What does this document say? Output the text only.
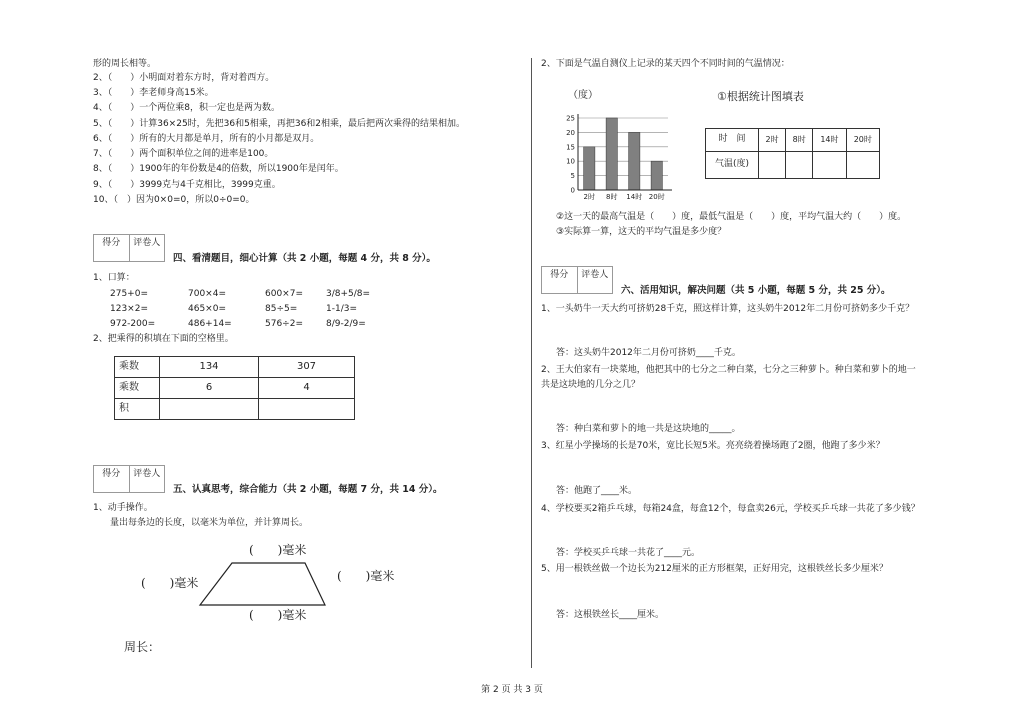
形的周长相等。
2、（　　）小明面对着东方时，背对着西方。
3、（　　）李老师身高15米。
4、（　　）一个两位乘8，积一定也是两为数。
5、（　　）计算36×25时，先把36和5相乘，再把36和2相乘，最后把两次乘得的结果相加。
6、（　　）所有的大月都是单月，所有的小月都是双月。
7、（　　）两个面积单位之间的进率是100。
8、（　　）1900年的年份数是4的倍数，所以1900年是闰年。
9、（　　）3999克与4千克相比，3999克重。
10、（　）因为0×0=0，所以0÷0=0。
得分	评卷人
四、看清题目，细心计算（共 2 小题，每题 4 分，共 8 分）。
1、口算：
275+0=	700×4=	600×7=	3/8+5/8=
123×2=	465×0=	85÷5=	1-1/3=
972-200=	486+14=	576÷2=	8/9-2/9=
2、把乘得的积填在下面的空格里。
乘数	134	307
乘数	6	4
积		
得分	评卷人
五、认真思考，综合能力（共 2 小题，每题 7 分，共 14 分）。
1、动手操作。
量出每条边的长度，以毫米为单位，并计算周长。
(　　)毫米
(　　)毫米	(　　)毫米
(　　)毫米
周长：
2、下面是气温自测仪上记录的某天四个不同时间的气温情况：
（度）	①根据统计图填表
0
5
10
15
20
25
2时 8时 14时 20时
时　间	2时	8时	14时	20时
气温(度)				
②这一天的最高气温是（　　）度，最低气温是（　　）度，平均气温大约（　　）度。
③实际算一算，这天的平均气温是多少度？
得分	评卷人
六、活用知识，解决问题（共 5 小题，每题 5 分，共 25 分）。
1、一头奶牛一天大约可挤奶28千克，照这样计算，这头奶牛2012年二月份可挤奶多少千克？
答：这头奶牛2012年二月份可挤奶____千克。
2、王大伯家有一块菜地，他把其中的七分之二种白菜，七分之三种萝卜。种白菜和萝卜的地一
共是这块地的几分之几？
答：种白菜和萝卜的地一共是这块地的_____。
3、红星小学操场的长是70米，宽比长短5米。亮亮绕着操场跑了2圈，他跑了多少米？
答：他跑了____米。
4、学校要买2箱乒乓球，每箱24盒，每盒12个，每盒卖26元，学校买乒乓球一共花了多少钱？
答：学校买乒乓球一共花了____元。
5、用一根铁丝做一个边长为212厘米的正方形框架，正好用完，这根铁丝长多少厘米？
答：这根铁丝长____厘米。
第 2 页 共 3 页
